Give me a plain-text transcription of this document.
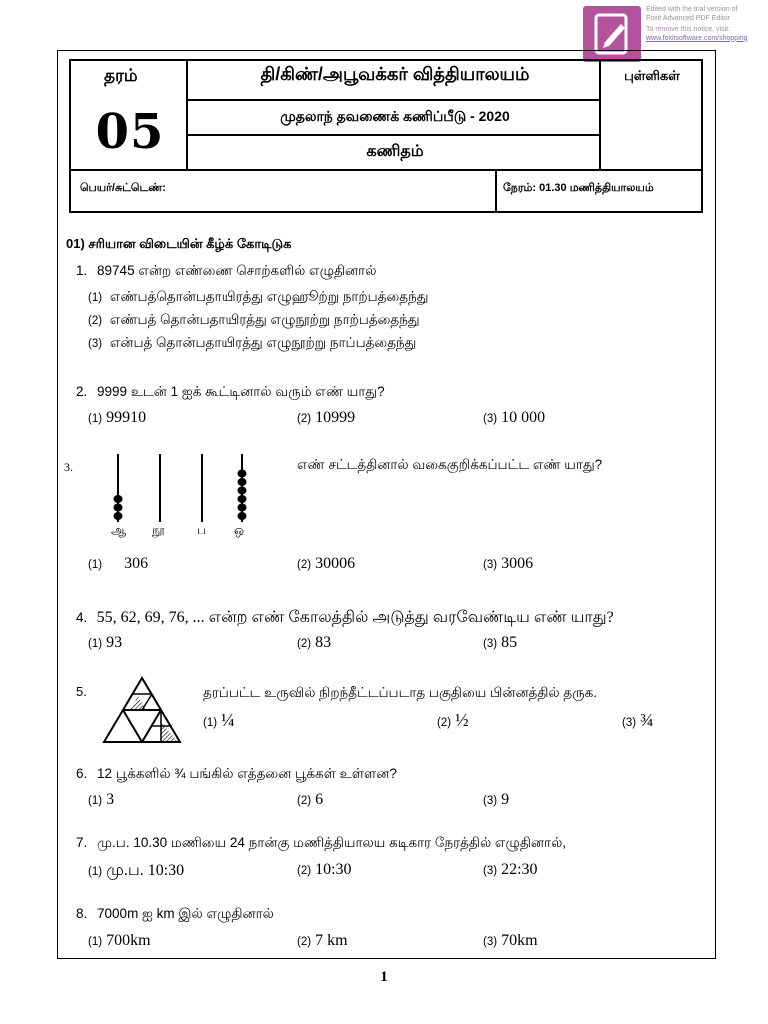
Edited with the trial version of
Foxit Advanced PDF Editor
To remove this notice, visit:
www.foxitsoftware.com/shopping
தரம்
05
தி/கிண்/அபூவக்கர் வித்தியாலயம்
முதலாந் தவணைக் கணிப்பீடு - 2020
கணிதம்
புள்ளிகள்
பெயர்/சுட்டெண்:	நேரம்: 01.30 மணித்தியாலயம்
01) சரியான விடையின் கீழ்க் கோடிடுக
1. 89745 என்ற எண்ணை சொற்களில் எழுதினால்
(1) எண்பத்தொன்பதாயிரத்து எழுஹூற்று நாற்பத்தைந்து
(2) எண்பத் தொன்பதாயிரத்து எழுநூற்று நாற்பத்தைந்து
(3) என்பத் தொன்பதாயிரத்து எழுநூற்று நாப்பத்தைந்து
2. 9999 உடன் 1 ஐக் கூட்டினால் வரும் எண் யாது?
(1) 99910	(2) 10999	(3) 10 000
3.
ஆ நூ	ப ஒ
எண் சட்டத்தினால் வகைகுறிக்கப்பட்ட எண் யாது?
(1) 306	(2) 30006	(3) 3006
4. 55, 62, 69, 76, ... என்ற எண் கோலத்தில் அடுத்து வரவேண்டிய எண் யாது?
(1) 93	(2) 83	(3) 85
5.	தரப்பட்ட உருவில் நிறந்தீட்டப்படாத பகுதியை பின்னத்தில் தருக.
(1) ¼	(2) ½	(3) ¾
6. 12 பூக்களில் ¾ பங்கில் எத்தனை பூக்கள் உள்ளன?
(1) 3	(2) 6	(3) 9
7. மு.ப. 10.30 மணியை 24 நான்கு மணித்தியாலய கடிகார நேரத்தில் எழுதினால்,
(1) மு.ப. 10:30	(2) 10:30	(3) 22:30
8. 7000m ஐ km இல் எழுதினால்
(1) 700km	(2) 7 km	(3) 70km
1
